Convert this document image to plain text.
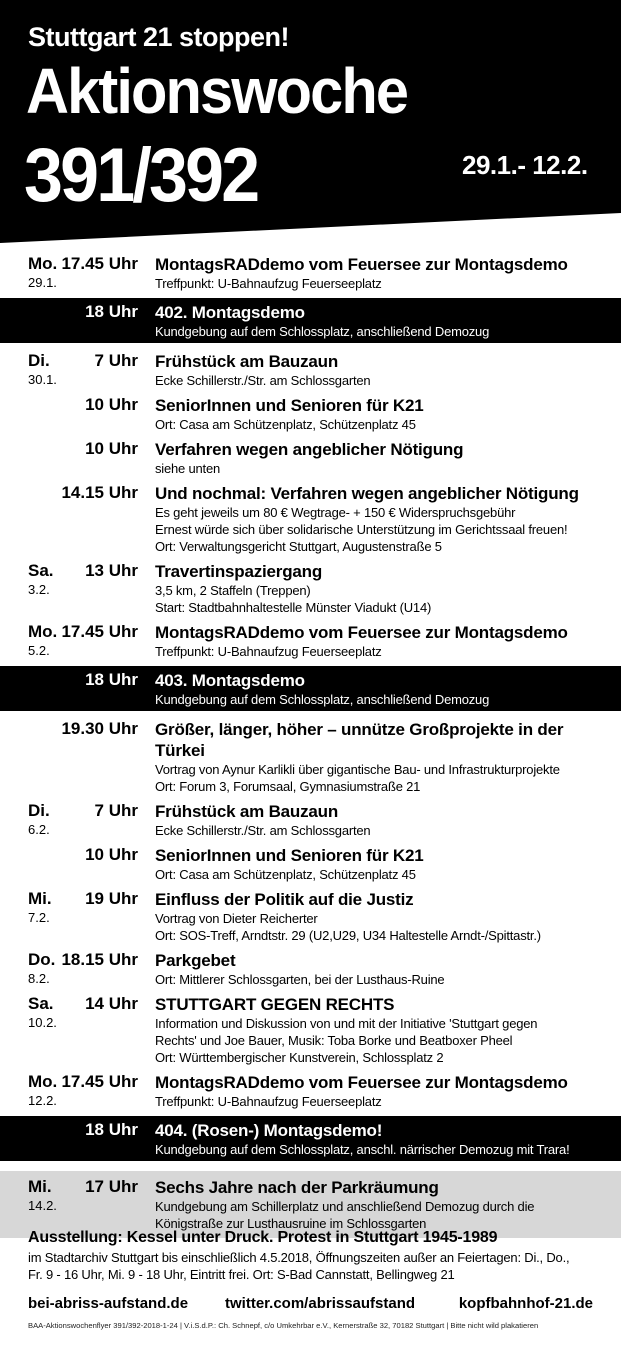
Stuttgart 21 stoppen!
Aktionswoche
391/392	29.1.- 12.2.
Mo.
29.1.
17.45 Uhr MontagsRADdemo vom Feuersee zur Montagsdemo
Treffpunkt: U-Bahnaufzug Feuerseeplatz
18 Uhr 402. Montagsdemo
Kundgebung auf dem Schlossplatz, anschließend Demozug
Di.
30.1.
7 Uhr Frühstück am Bauzaun
Ecke Schillerstr./Str. am Schlossgarten
10 Uhr SeniorInnen und Senioren für K21
Ort: Casa am Schützenplatz, Schützenplatz 45
10 Uhr Verfahren wegen angeblicher Nötigung
siehe unten
14.15 Uhr Und nochmal: Verfahren wegen angeblicher Nötigung
Es geht jeweils um 80 € Wegtrage- + 150 € Widerspruchsgebühr
Ernest würde sich über solidarische Unterstützung im Gerichtssaal freuen!
Ort: Verwaltungsgericht Stuttgart, Augustenstraße 5
Sa.
3.2.
13 Uhr Travertinspaziergang
3,5 km, 2 Staffeln (Treppen)
Start: Stadtbahnhaltestelle Münster Viadukt (U14)
Mo.
5.2.
17.45 Uhr MontagsRADdemo vom Feuersee zur Montagsdemo
Treffpunkt: U-Bahnaufzug Feuerseeplatz
18 Uhr 403. Montagsdemo
Kundgebung auf dem Schlossplatz, anschließend Demozug
19.30 Uhr Größer, länger, höher – unnütze Großprojekte in der Türkei
Vortrag von Aynur Karlikli über gigantische Bau- und Infrastrukturprojekte
Ort: Forum 3, Forumsaal, Gymnasiumstraße 21
Di.
6.2.
7 Uhr Frühstück am Bauzaun
Ecke Schillerstr./Str. am Schlossgarten
10 Uhr SeniorInnen und Senioren für K21
Ort: Casa am Schützenplatz, Schützenplatz 45
Mi.
7.2.
19 Uhr Einfluss der Politik auf die Justiz
Vortrag von Dieter Reicherter
Ort: SOS-Treff, Arndtstr. 29 (U2,U29, U34 Haltestelle Arndt-/Spittastr.)
Do.
8.2.
18.15 Uhr Parkgebet
Ort: Mittlerer Schlossgarten, bei der Lusthaus-Ruine
Sa.
10.2.
14 Uhr STUTTGART GEGEN RECHTS
Information und Diskussion von und mit der Initiative 'Stuttgart gegen
Rechts' und Joe Bauer, Musik: Toba Borke und Beatboxer Pheel
Ort: Württembergischer Kunstverein, Schlossplatz 2
Mo.
12.2.
17.45 Uhr MontagsRADdemo vom Feuersee zur Montagsdemo
Treffpunkt: U-Bahnaufzug Feuerseeplatz
18 Uhr 404. (Rosen-) Montagsdemo!
Kundgebung auf dem Schlossplatz, anschl. närrischer Demozug mit Trara!
Mi.
14.2.
17 Uhr Sechs Jahre nach der Parkräumung
Kundgebung am Schillerplatz und anschließend Demozug durch die
Königstraße zur Lusthausruine im Schlossgarten
Ausstellung: Kessel unter Druck. Protest in Stuttgart 1945-1989
im Stadtarchiv Stuttgart bis einschließlich 4.5.2018, Öffnungszeiten außer an Feiertagen: Di., Do.,
Fr. 9 - 16 Uhr, Mi. 9 - 18 Uhr, Eintritt frei. Ort: S-Bad Cannstatt, Bellingweg 21
bei-abriss-aufstand.de twitter.com/abrissaufstand	kopfbahnhof-21.de
BAA-Aktionswochenflyer 391/392-2018-1-24 | V.i.S.d.P.: Ch. Schnepf, c/o Umkehrbar e.V., Kernerstraße 32, 70182 Stuttgart | Bitte nicht wild plakatieren
